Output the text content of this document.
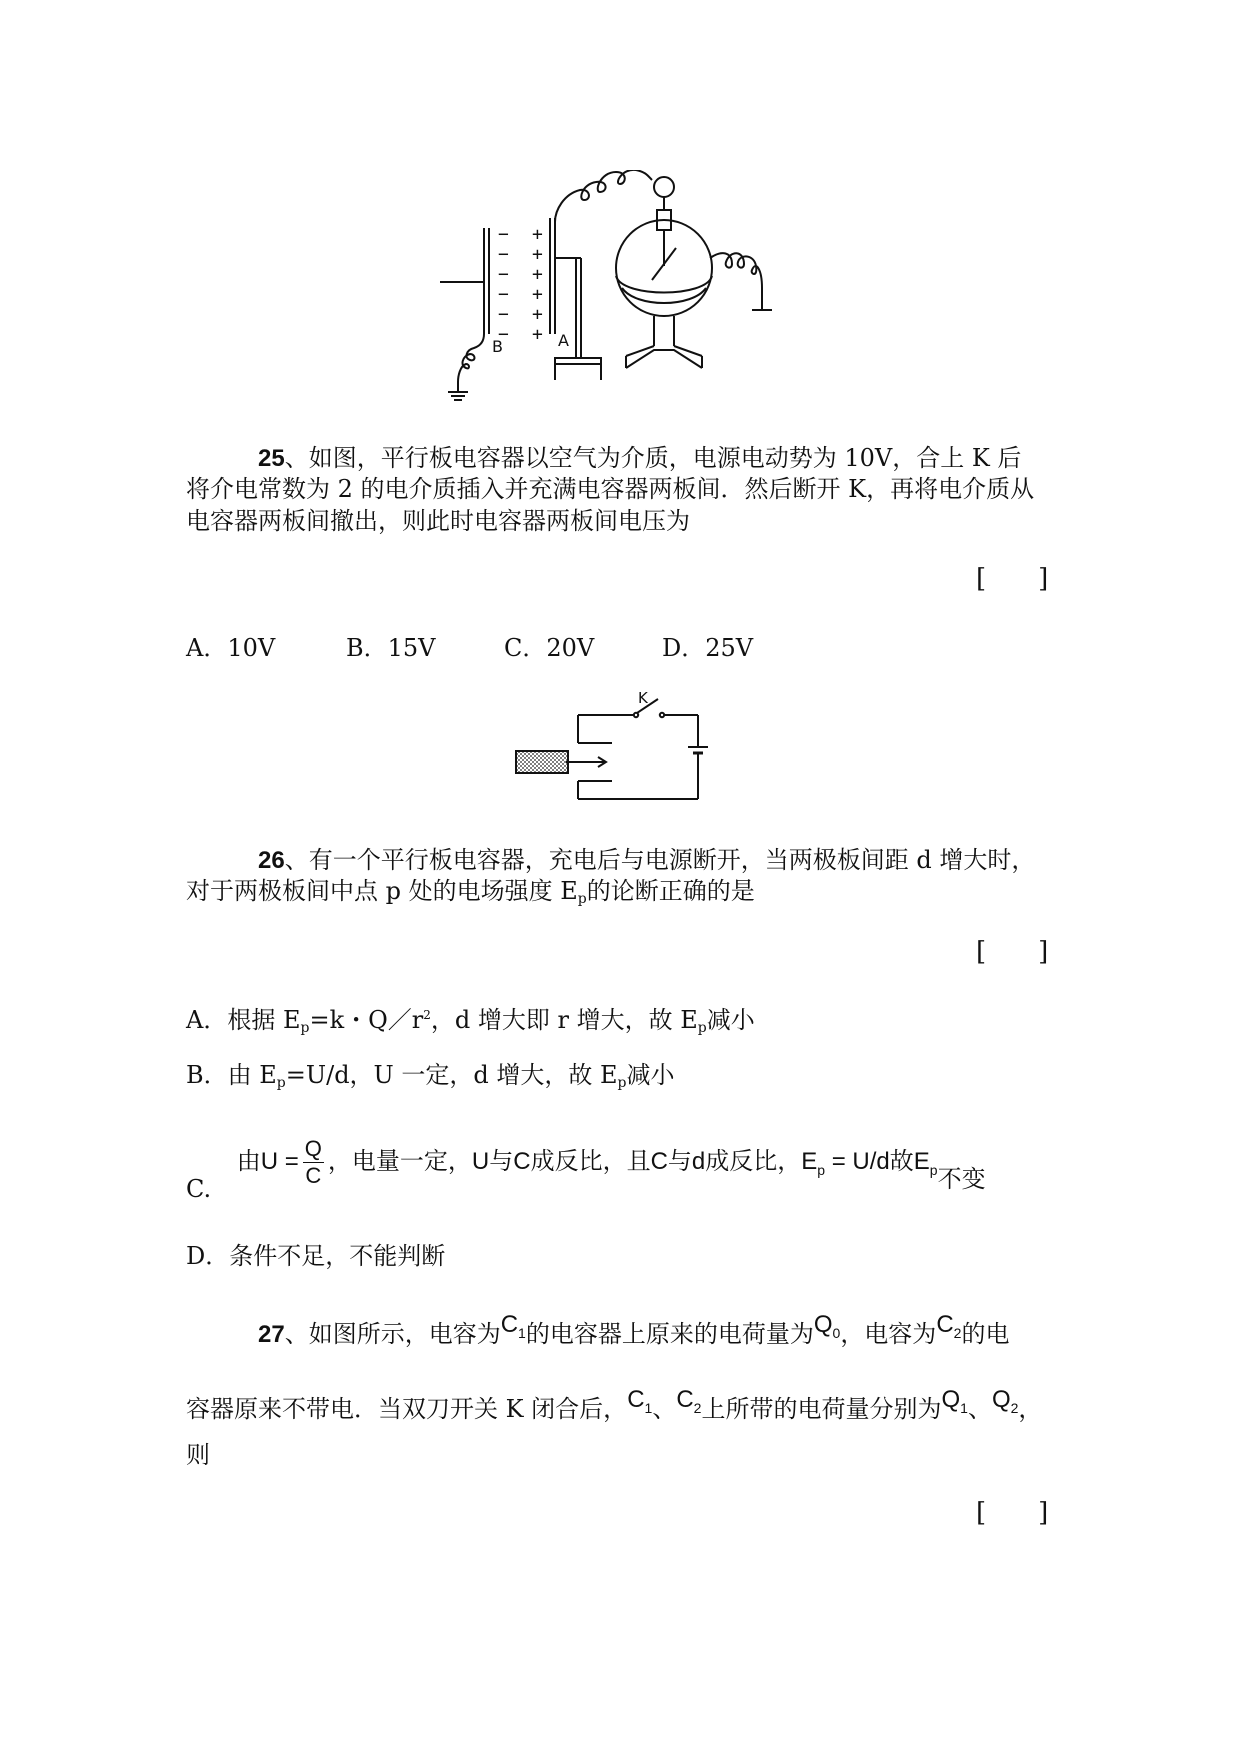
−
−
−
−
−
−
+
+
+
+
+
+
B	A
25、如图，平行板电容器以空气为介质，电源电动势为 10V，合上 K 后
将介电常数为 2 的电介质插入并充满电容器两板间．然后断开 K，再将电介质从
电容器两板间撤出，则此时电容器两板间电压为
[　　]
A．10V	B．15V	C．20V	D．25V
K
26、有一个平行板电容器，充电后与电源断开，当两极板间距 d 增大时，
对于两极板间中点 p 处的电场强度 $E_p$的论断正确的是
[　　]
A．根据 $E_p=k$・$Q/r^2$，d 增大即 r 增大，故 $E_p$减小
B．由 $E_p=U/d$，U 一定，d 增大，故 $E_p$减小
C. 由$U = \frac{Q}{C}$ ，电量一定，U与C成反比，且C与d成反比，$E_p = U/d$故$E_p$不变
D．条件不足，不能判断
27、如图所示，电容为$C_1$的电容器上原来的电荷量为$Q_0$，电容为$C_2$的电
容器原来不带电．当双刀开关 K 闭合后，$C_1$、$C_2$上所带的电荷量分别为$Q_1$、$Q_2$，
则
[　　]
